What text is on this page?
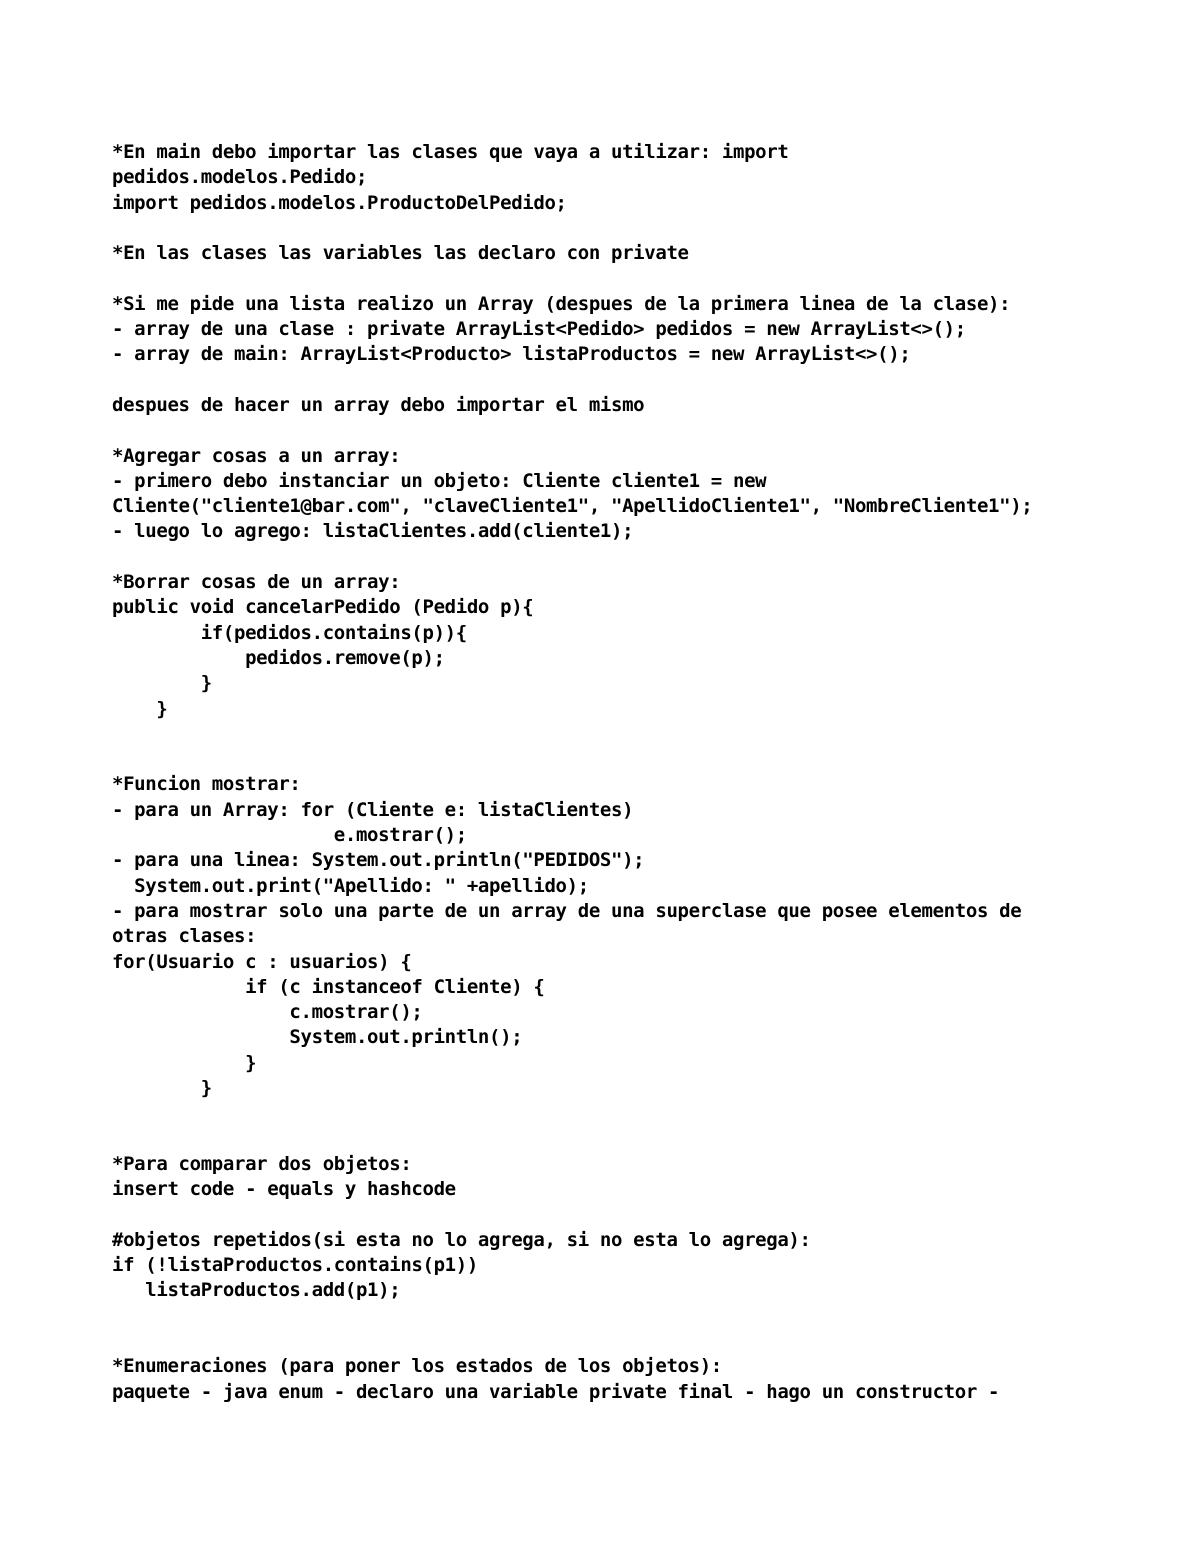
*En main debo importar las clases que vaya a utilizar: import
pedidos.modelos.Pedido;
import pedidos.modelos.ProductoDelPedido;
*En las clases las variables las declaro con private
*Si me pide una lista realizo un Array (despues de la primera linea de la clase):
- array de una clase : private ArrayList<Pedido> pedidos = new ArrayList<>();
- array de main: ArrayList<Producto> listaProductos = new ArrayList<>();
despues de hacer un array debo importar el mismo
*Agregar cosas a un array:
- primero debo instanciar un objeto: Cliente cliente1 = new
Cliente("cliente1@bar.com", "claveCliente1", "ApellidoCliente1", "NombreCliente1");
- luego lo agrego: listaClientes.add(cliente1);
*Borrar cosas de un array:
public void cancelarPedido (Pedido p){
if(pedidos.contains(p)){
pedidos.remove(p);
}
}
*Funcion mostrar:
- para un Array: for (Cliente e: listaClientes)
e.mostrar();
- para una linea: System.out.println("PEDIDOS");
System.out.print("Apellido: " +apellido);
- para mostrar solo una parte de un array de una superclase que posee elementos de
otras clases:
for(Usuario c : usuarios) {
if (c instanceof Cliente) {
c.mostrar();
System.out.println();
}
}
*Para comparar dos objetos:
insert code - equals y hashcode
#objetos repetidos(si esta no lo agrega, si no esta lo agrega):
if (!listaProductos.contains(p1))
listaProductos.add(p1);
*Enumeraciones (para poner los estados de los objetos):
paquete - java enum - declaro una variable private final - hago un constructor -
